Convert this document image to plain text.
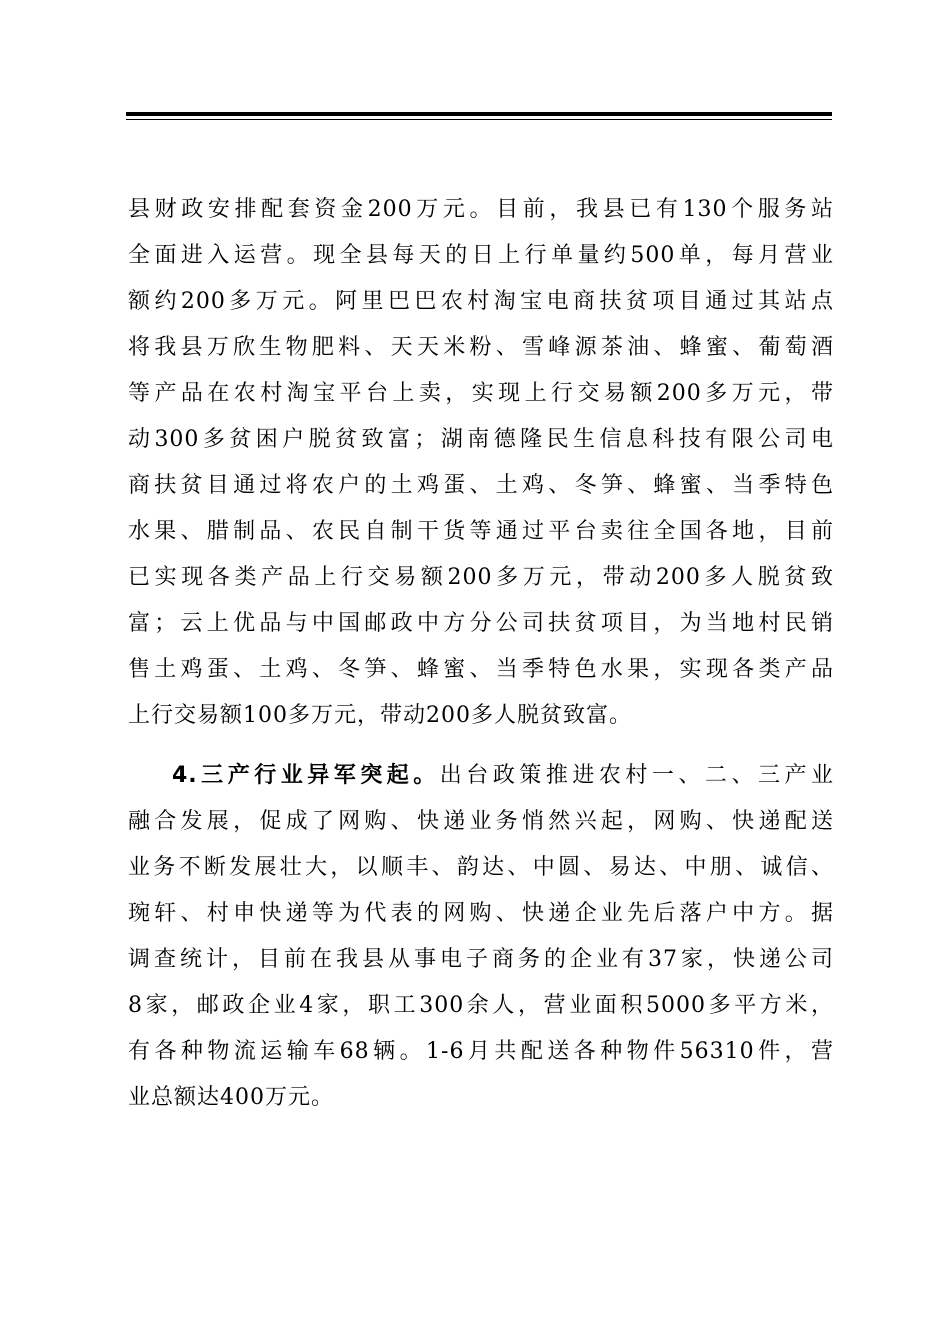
县财政安排配套资金200万元。目前，我县已有130个服务站
全面进入运营。现全县每天的日上行单量约500单，每月营业
额约200多万元。阿里巴巴农村淘宝电商扶贫项目通过其站点
将我县万欣生物肥料、天天米粉、雪峰源茶油、蜂蜜、葡萄酒
等产品在农村淘宝平台上卖，实现上行交易额200多万元，带
动300多贫困户脱贫致富；湖南德隆民生信息科技有限公司电
商扶贫目通过将农户的土鸡蛋、土鸡、冬笋、蜂蜜、当季特色
水果、腊制品、农民自制干货等通过平台卖往全国各地，目前
已实现各类产品上行交易额200多万元，带动200多人脱贫致
富；云上优品与中国邮政中方分公司扶贫项目，为当地村民销
售土鸡蛋、土鸡、冬笋、蜂蜜、当季特色水果，实现各类产品
上行交易额100多万元，带动200多人脱贫致富。
4.三产行业异军突起。出台政策推进农村一、二、三产业
融合发展，促成了网购、快递业务悄然兴起，网购、快递配送
业务不断发展壮大，以顺丰、韵达、中圆、易达、中朋、诚信、
琬轩、村申快递等为代表的网购、快递企业先后落户中方。据
调查统计，目前在我县从事电子商务的企业有37家，快递公司
8家，邮政企业4家，职工300余人，营业面积5000多平方米，
有各种物流运输车68辆。1-6月共配送各种物件56310件，营
业总额达400万元。
